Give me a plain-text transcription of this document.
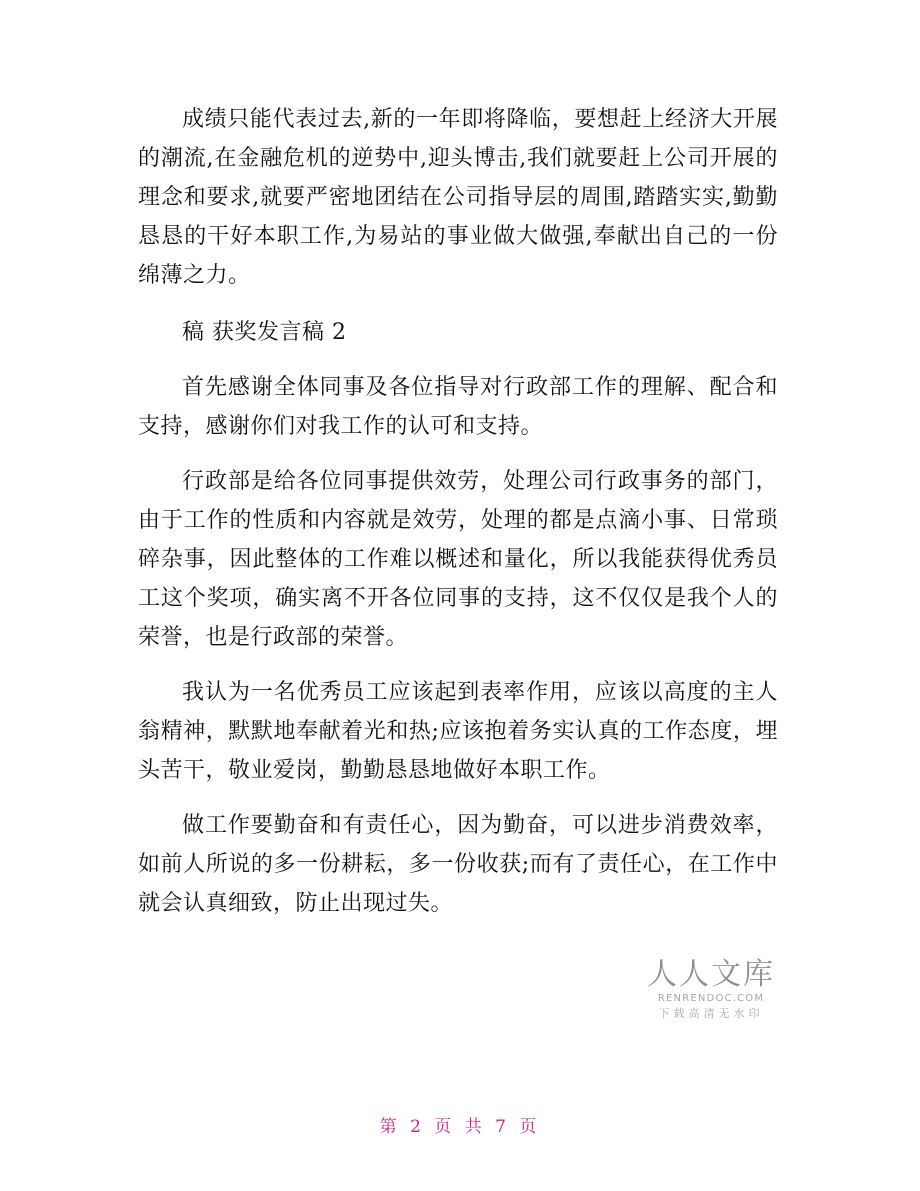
成绩只能代表过去,新的一年即将降临，要想赶上经济大开展的潮流,在金融危机的逆势中,迎头博击,我们就要赶上公司开展的理念和要求,就要严密地团结在公司指导层的周围,踏踏实实,勤勤恳恳的干好本职工作,为易站的事业做大做强,奉献出自己的一份绵薄之力。

稿 获奖发言稿 2

首先感谢全体同事及各位指导对行政部工作的理解、配合和支持，感谢你们对我工作的认可和支持。

行政部是给各位同事提供效劳，处理公司行政事务的部门，由于工作的性质和内容就是效劳，处理的都是点滴小事、日常琐碎杂事，因此整体的工作难以概述和量化，所以我能获得优秀员工这个奖项，确实离不开各位同事的支持，这不仅仅是我个人的荣誉，也是行政部的荣誉。

我认为一名优秀员工应该起到表率作用，应该以高度的主人翁精神，默默地奉献着光和热;应该抱着务实认真的工作态度，埋头苦干，敬业爱岗，勤勤恳恳地做好本职工作。

做工作要勤奋和有责任心，因为勤奋，可以进步消费效率，如前人所说的多一份耕耘，多一份收获;而有了责任心，在工作中就会认真细致，防止出现过失。

人人文库
RENRENDOC.COM
下载高清无水印
第 2 页 共 7 页
